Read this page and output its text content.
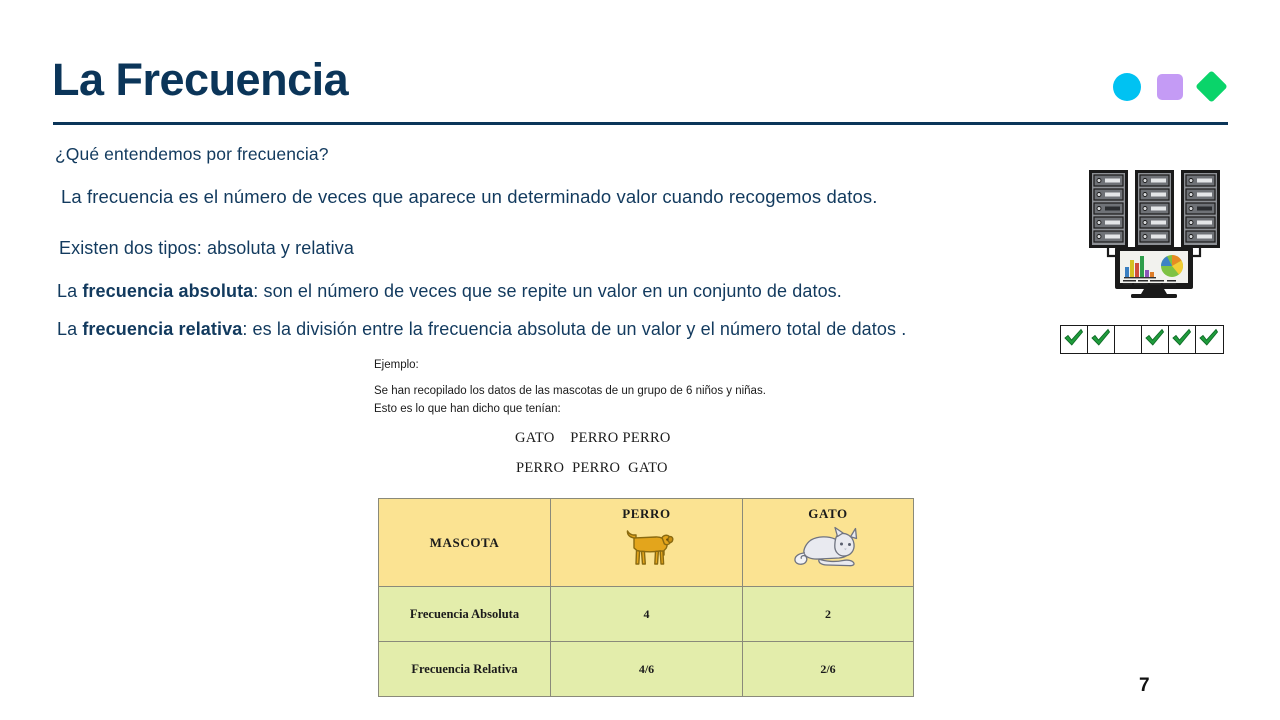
La Frecuencia
¿Qué entendemos por frecuencia?
La frecuencia es el número de veces que aparece un determinado valor cuando recogemos datos.
Existen dos tipos: absoluta y relativa
La frecuencia absoluta: son el número de veces que se repite un valor en un conjunto de datos.
La frecuencia relativa: es la división entre la frecuencia absoluta de un valor y el número total de datos .
Ejemplo:
Se han recopilado los datos de las mascotas de un grupo de 6 niños y niñas.
Esto es lo que han dicho que tenían:
GATO    PERRO PERRO
PERRO  PERRO  GATO
MASCOTA	PERRO	GATO

Frecuencia Absoluta	4	2
Frecuencia Relativa	4/6	2/6
7
